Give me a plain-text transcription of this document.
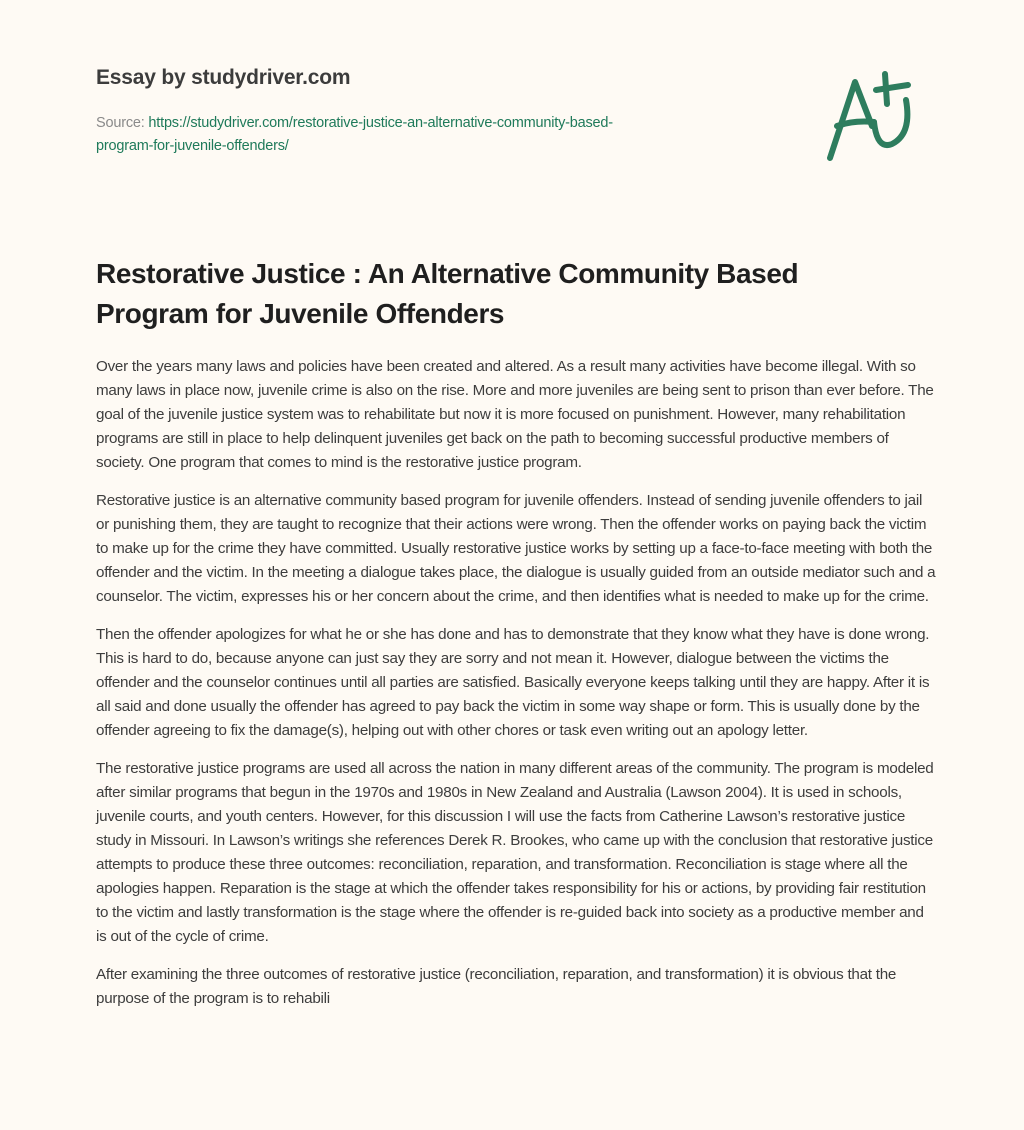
Essay by studydriver.com
Source: https://studydriver.com/restorative-justice-an-alternative-community-based-
program-for-juvenile-offenders/
Restorative Justice : An Alternative Community Based Program for Juvenile Offenders

Over the years many laws and policies have been created and altered. As a result many activities have become illegal. With so many laws in place now, juvenile crime is also on the rise. More and more juveniles are being sent to prison than ever before. The goal of the juvenile justice system was to rehabilitate but now it is more focused on punishment. However, many rehabilitation programs are still in place to help delinquent juveniles get back on the path to becoming successful productive members of society. One program that comes to mind is the restorative justice program.

Restorative justice is an alternative community based program for juvenile offenders. Instead of sending juvenile offenders to jail or punishing them, they are taught to recognize that their actions were wrong. Then the offender works on paying back the victim to make up for the crime they have committed. Usually restorative justice works by setting up a face-to-face meeting with both the offender and the victim. In the meeting a dialogue takes place, the dialogue is usually guided from an outside mediator such and a counselor. The victim, expresses his or her concern about the crime, and then identifies what is needed to make up for the crime.

Then the offender apologizes for what he or she has done and has to demonstrate that they know what they have is done wrong. This is hard to do, because anyone can just say they are sorry and not mean it. However, dialogue between the victims the offender and the counselor continues until all parties are satisfied. Basically everyone keeps talking until they are happy. After it is all said and done usually the offender has agreed to pay back the victim in some way shape or form. This is usually done by the offender agreeing to fix the damage(s), helping out with other chores or task even writing out an apology letter.

The restorative justice programs are used all across the nation in many different areas of the community. The program is modeled after similar programs that begun in the 1970s and 1980s in New Zealand and Australia (Lawson 2004). It is used in schools, juvenile courts, and youth centers. However, for this discussion I will use the facts from Catherine Lawson’s restorative justice study in Missouri. In Lawson’s writings she references Derek R. Brookes, who came up with the conclusion that restorative justice attempts to produce these three outcomes: reconciliation, reparation, and transformation. Reconciliation is stage where all the apologies happen. Reparation is the stage at which the offender takes responsibility for his or actions, by providing fair restitution to the victim and lastly transformation is the stage where the offender is re-guided back into society as a productive member and is out of the cycle of crime.

After examining the three outcomes of restorative justice (reconciliation, reparation, and transformation) it is obvious that the purpose of the program is to rehabili
